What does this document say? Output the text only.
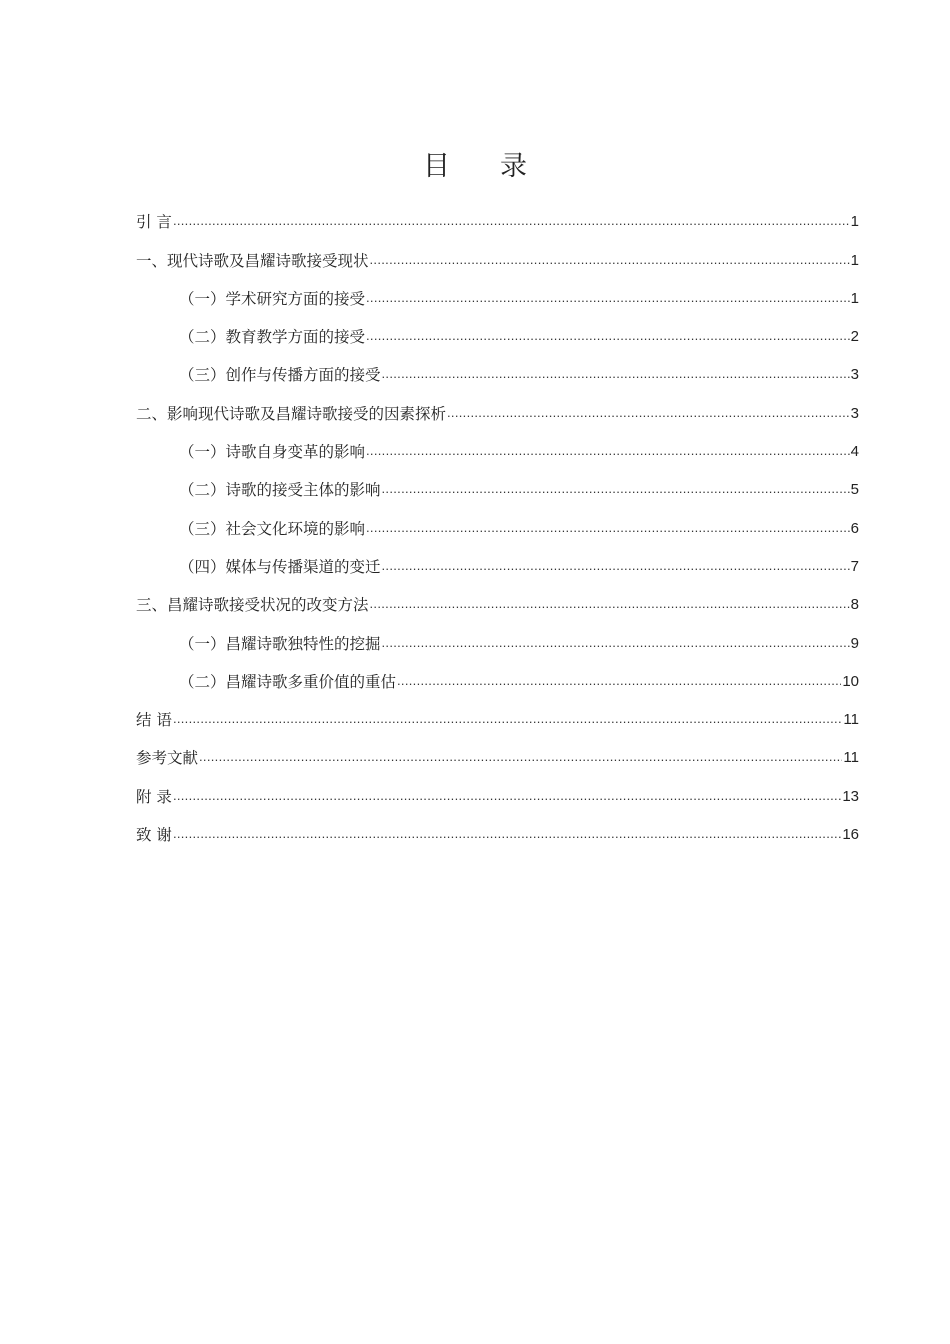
目 录
引 言 .....	1
一、现代诗歌及昌耀诗歌接受现状 .....	1
（一）学术研究方面的接受 .....	1
（二）教育教学方面的接受 .....	2
（三）创作与传播方面的接受 .....	3
二、影响现代诗歌及昌耀诗歌接受的因素探析 .....	3
（一）诗歌自身变革的影响 .....	4
（二）诗歌的接受主体的影响 .....	5
（三）社会文化环境的影响 .....	6
（四）媒体与传播渠道的变迁 .....	7
三、昌耀诗歌接受状况的改变方法 .....	8
（一）昌耀诗歌独特性的挖掘 .....	9
（二）昌耀诗歌多重价值的重估 .....	10
结 语 .....	11
参考文献 .....	11
附 录 .....	13
致 谢 .....	16
